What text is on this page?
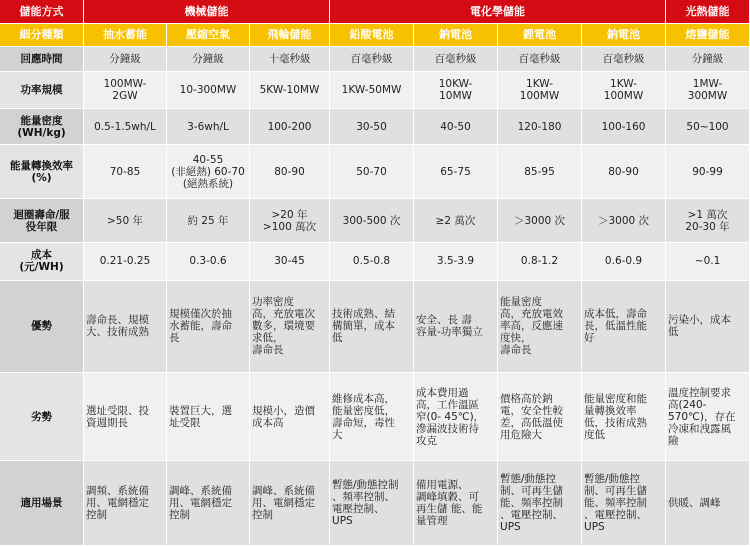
儲能方式	機械儲能			電化學儲能				光熱儲能
細分種類	抽水蓄能	壓縮空氣	飛輪儲能	鉛酸電池	鈉電池	鋰電池	鈉電池	熔鹽儲能

回應時間	分鐘級	分鐘級	十毫秒級	百毫秒級	百毫秒級	百毫秒級	百毫秒級	分鐘級

功率規模	100MW-
2GW	10-300MW	5KW-10MW	1KW-50MW	10KW-
10MW	1KW-
100MW	1KW-
100MW	1MW-
300MW

能量密度
(WH/kg)	0.5-1.5wh/L	3-6wh/L	100-200	30-50	40-50	120-180	100-160	50~100

能量轉換效率
(%)	70-85	40-55
(非絕熱) 60-70
(絕熱系統)	80-90	50-70	65-75	85-95	80-90	90-99

迴圈壽命/服
役年限	>50 年	約 25 年	>20 年
>100 萬次	300-500 次	≥2 萬次	＞3000 次	＞3000 次	>1 萬次
20-30 年

成本
(元/WH)	0.21-0.25	0.3-0.6	30-45	0.5-0.8	3.5-3.9	0.8-1.2	0.6-0.9	~0.1

優勢	壽命長、規模
大、技術成熟	規模僅次於抽
水蓄能，壽命
長	功率密度
高，充放電次
數多，環境要
求低，
壽命長	技術成熟、結
構簡單，成本
低	安全、長 壽
容量-功率獨立	能量密度
高，充放電效
率高，反應速
度快，
壽命長	成本低，壽命
長，低溫性能
好	污染小，成本
低

劣勢	選址受限、投
資週期長	裝置巨大，選
址受限	規模小，造價
成本高	維修成本高，
能量密度低，
壽命短，毒性
大	成本費用過
高，工作溫區
窄(0- 45℃)，
滲漏波技術待
攻克	價格高於鈉
電，安全性較
差，高低溫使
用危險大	能量密度和能
量轉換效率
低，技術成熟
度低	溫度控制要求
高(240-
570℃)，存在
冷凍和洩露風
險

適用場景	調頻、系統備
用、電網穩定
控制	調峰、系統備
用、電網穩定
控制	調峰、系統備
用、電網穩定
控制	暫態/動態控制
、頻率控制、
電壓控制、
UPS	備用電源、
調峰填穀、可
再生儲 能、能
量管理	暫態/動態控
制、可再生儲
能、頻率控制
、電壓控制、
UPS	暫態/動態控
制、可再生儲
能、頻率控制
、電壓控制、
UPS	供暖、調峰
